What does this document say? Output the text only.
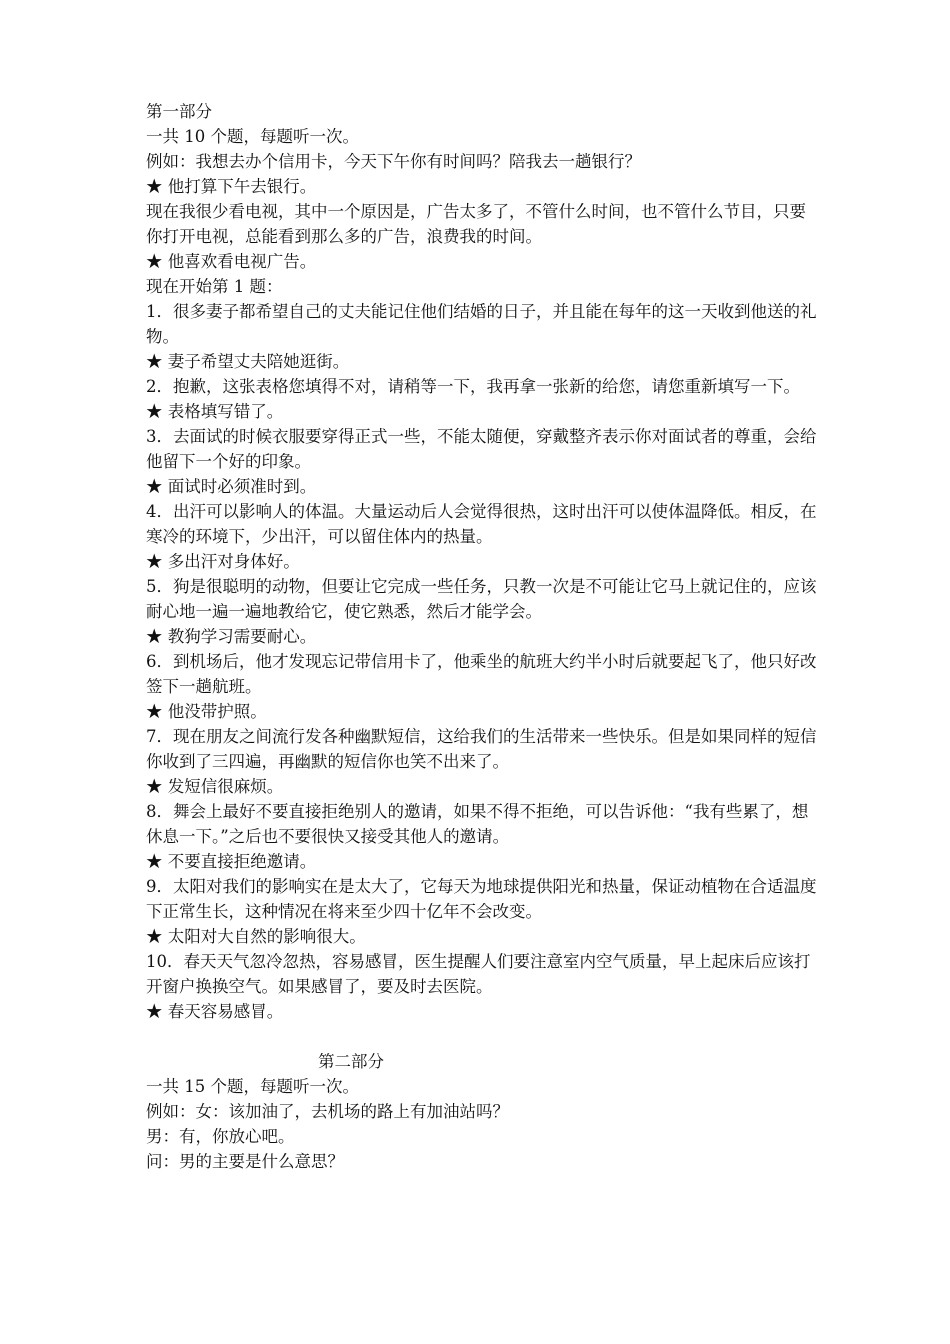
第一部分
一共 10 个题，每题听一次。
例如：我想去办个信用卡，今天下午你有时间吗？陪我去一趟银行？
★ 他打算下午去银行。
现在我很少看电视，其中一个原因是，广告太多了，不管什么时间，也不管什么节目，只要你打开电视，总能看到那么多的广告，浪费我的时间。
★ 他喜欢看电视广告。
现在开始第 1 题：
1．很多妻子都希望自己的丈夫能记住他们结婚的日子，并且能在每年的这一天收到他送的礼物。
★ 妻子希望丈夫陪她逛街。
2．抱歉，这张表格您填得不对，请稍等一下，我再拿一张新的给您，请您重新填写一下。
★ 表格填写错了。
3．去面试的时候衣服要穿得正式一些，不能太随便，穿戴整齐表示你对面试者的尊重，会给他留下一个好的印象。
★ 面试时必须准时到。
4．出汗可以影响人的体温。大量运动后人会觉得很热，这时出汗可以使体温降低。相反，在寒冷的环境下，少出汗，可以留住体内的热量。
★ 多出汗对身体好。
5．狗是很聪明的动物，但要让它完成一些任务，只教一次是不可能让它马上就记住的，应该耐心地一遍一遍地教给它，使它熟悉，然后才能学会。
★ 教狗学习需要耐心。
6．到机场后，他才发现忘记带信用卡了，他乘坐的航班大约半小时后就要起飞了，他只好改签下一趟航班。
★ 他没带护照。
7．现在朋友之间流行发各种幽默短信，这给我们的生活带来一些快乐。但是如果同样的短信你收到了三四遍，再幽默的短信你也笑不出来了。
★ 发短信很麻烦。
8．舞会上最好不要直接拒绝别人的邀请，如果不得不拒绝，可以告诉他：“我有些累了，想休息一下。”之后也不要很快又接受其他人的邀请。
★ 不要直接拒绝邀请。
9．太阳对我们的影响实在是太大了，它每天为地球提供阳光和热量，保证动植物在合适温度下正常生长，这种情况在将来至少四十亿年不会改变。
★ 太阳对大自然的影响很大。
10．春天天气忽冷忽热，容易感冒，医生提醒人们要注意室内空气质量，早上起床后应该打开窗户换换空气。如果感冒了，要及时去医院。
★ 春天容易感冒。
第二部分
一共 15 个题，每题听一次。
例如：女：该加油了，去机场的路上有加油站吗？
男：有，你放心吧。
问：男的主要是什么意思？
